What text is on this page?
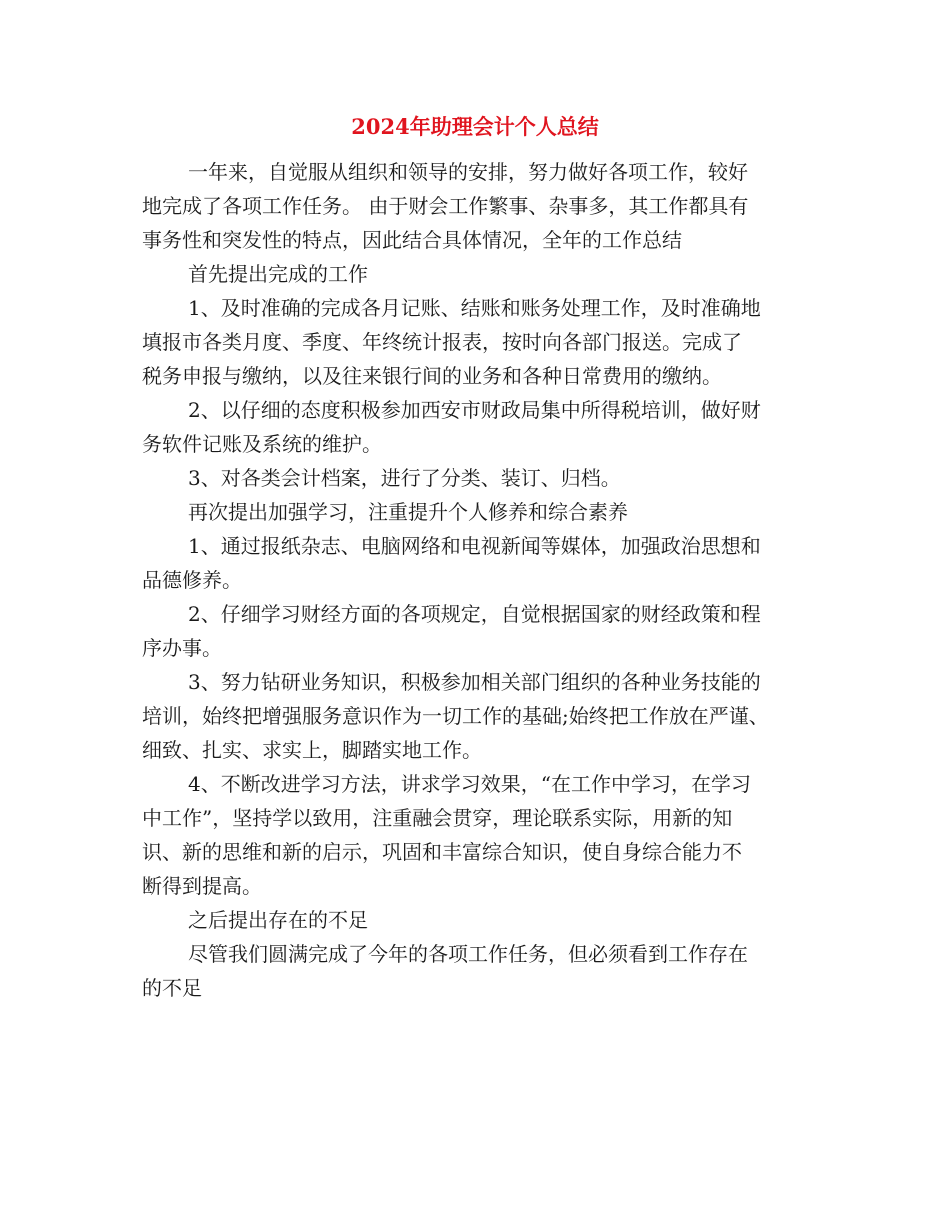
2024年助理会计个人总结

一年来，自觉服从组织和领导的安排，努力做好各项工作，较好
地完成了各项工作任务。 由于财会工作繁事、杂事多，其工作都具有
事务性和突发性的特点，因此结合具体情况，全年的工作总结

首先提出完成的工作

1、及时准确的完成各月记账、结账和账务处理工作，及时准确地
填报市各类月度、季度、年终统计报表，按时向各部门报送。完成了
税务申报与缴纳，以及往来银行间的业务和各种日常费用的缴纳。

2、以仔细的态度积极参加西安市财政局集中所得税培训，做好财
务软件记账及系统的维护。

3、对各类会计档案，进行了分类、装订、归档。

再次提出加强学习，注重提升个人修养和综合素养

1、通过报纸杂志、电脑网络和电视新闻等媒体，加强政治思想和
品德修养。

2、仔细学习财经方面的各项规定，自觉根据国家的财经政策和程
序办事。

3、努力钻研业务知识，积极参加相关部门组织的各种业务技能的
培训，始终把增强服务意识作为一切工作的基础;始终把工作放在严谨、
细致、扎实、求实上，脚踏实地工作。

4、不断改进学习方法，讲求学习效果，“在工作中学习，在学习
中工作”，坚持学以致用，注重融会贯穿，理论联系实际，用新的知
识、新的思维和新的启示，巩固和丰富综合知识，使自身综合能力不
断得到提高。

之后提出存在的不足

尽管我们圆满完成了今年的各项工作任务，但必须看到工作存在
的不足
